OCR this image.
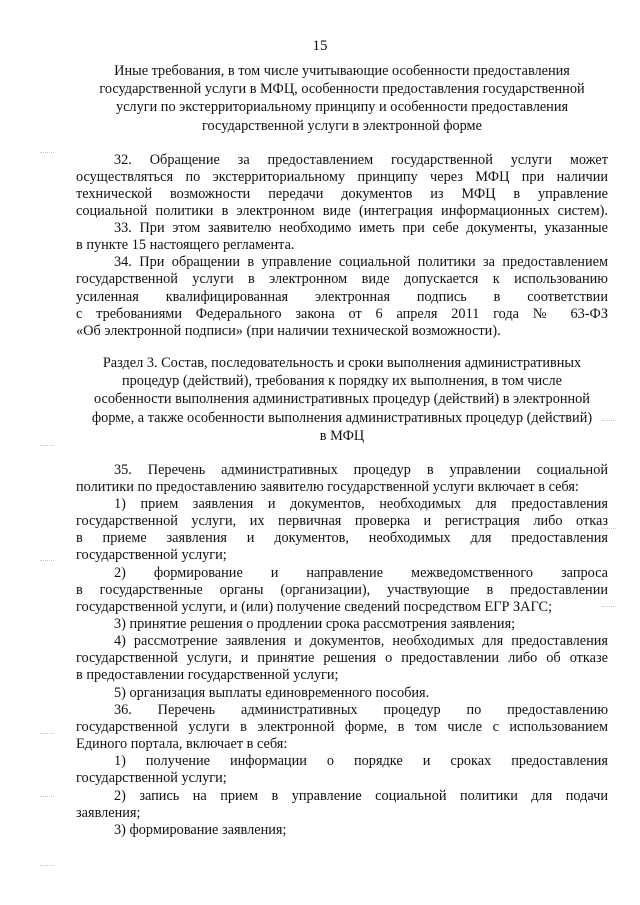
15
Иные требования, в том числе учитывающие особенности предоставления
государственной услуги в МФЦ, особенности предоставления государственной
услуги по экстерриториальному принципу и особенности предоставления
государственной услуги в электронной форме
32. Обращение за предоставлением государственной услуги может
осуществляться по экстерриториальному принципу через МФЦ при наличии
технической возможности передачи документов из МФЦ в управление
социальной политики в электронном виде (интеграция информационных систем).
33. При этом заявителю необходимо иметь при себе документы, указанные
в пункте 15 настоящего регламента.
34. При обращении в управление социальной политики за предоставлением
государственной услуги в электронном виде допускается к использованию
усиленная квалифицированная электронная подпись в соответствии
с требованиями Федерального закона от 6 апреля 2011 года № 63-ФЗ
«Об электронной подписи» (при наличии технической возможности).
Раздел 3. Состав, последовательность и сроки выполнения административных
процедур (действий), требования к порядку их выполнения, в том числе
особенности выполнения административных процедур (действий) в электронной
форме, а также особенности выполнения административных процедур (действий)
в МФЦ
35. Перечень административных процедур в управлении социальной
политики по предоставлению заявителю государственной услуги включает в себя:
1) прием заявления и документов, необходимых для предоставления
государственной услуги, их первичная проверка и регистрация либо отказ
в приеме заявления и документов, необходимых для предоставления
государственной услуги;
2) формирование и направление межведомственного запроса
в государственные органы (организации), участвующие в предоставлении
государственной услуги, и (или) получение сведений посредством ЕГР ЗАГС;
3) принятие решения о продлении срока рассмотрения заявления;
4) рассмотрение заявления и документов, необходимых для предоставления
государственной услуги, и принятие решения о предоставлении либо об отказе
в предоставлении государственной услуги;
5) организация выплаты единовременного пособия.
36. Перечень административных процедур по предоставлению
государственной услуги в электронной форме, в том числе с использованием
Единого портала, включает в себя:
1) получение информации о порядке и сроках предоставления
государственной услуги;
2) запись на прием в управление социальной политики для подачи
заявления;
3) формирование заявления;
